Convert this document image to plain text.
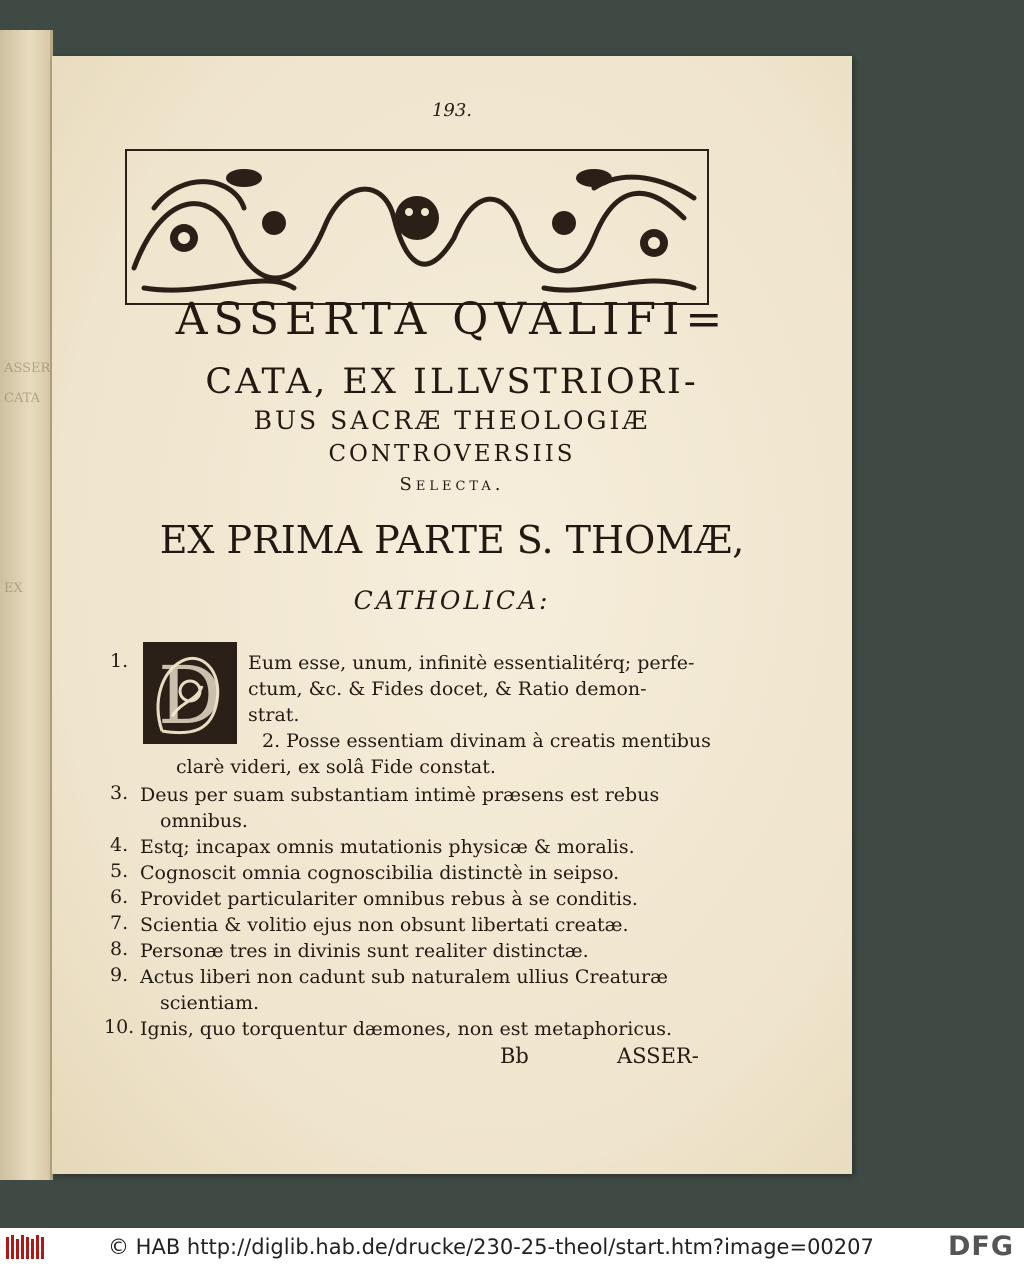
ASSER
CATA
EX
193.
ASSERTA QVALIFI=
CATA, EX ILLVSTRIORI-
BUS SACRÆ THEOLOGIÆ
CONTROVERSIIS
Selecta.
EX PRIMA PARTE S. THOMÆ,
CATHOLICA:
D
1.	Eum esse, unum, infinitè essentialitérq; perfe-
ctum, &c. & Fides docet, & Ratio demon-
strat.
2. Posse essentiam divinam à creatis mentibus
clarè videri, ex solâ Fide constat.
3. Deus per suam substantiam intimè præsens est rebus
omnibus.
4. Estq; incapax omnis mutationis physicæ & moralis.
5. Cognoscit omnia cognoscibilia distinctè in seipso.
6. Providet particulariter omnibus rebus à se conditis.
7. Scientia & volitio ejus non obsunt libertati creatæ.
8. Personæ tres in divinis sunt realiter distinctæ.
9. Actus liberi non cadunt sub naturalem ullius Creaturæ
scientiam.
10. Ignis, quo torquentur dæmones, non est metaphoricus.
Bb	ASSER-
© HAB http://diglib.hab.de/drucke/230-25-theol/start.htm?image=00207	DFG
